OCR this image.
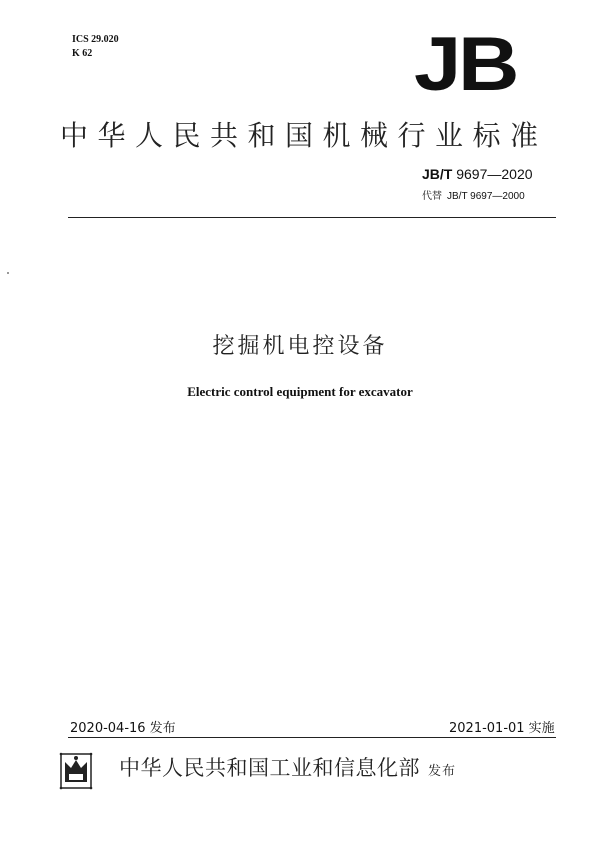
ICS 29.020
K 62	JB
中华人民共和国机械行业标准
JB/T 9697—2020
代替 JB/T 9697—2000
挖掘机电控设备
Electric control equipment for excavator
2020-04-16 发布	2021-01-01 实施
中华人民共和国工业和信息化部 发布
